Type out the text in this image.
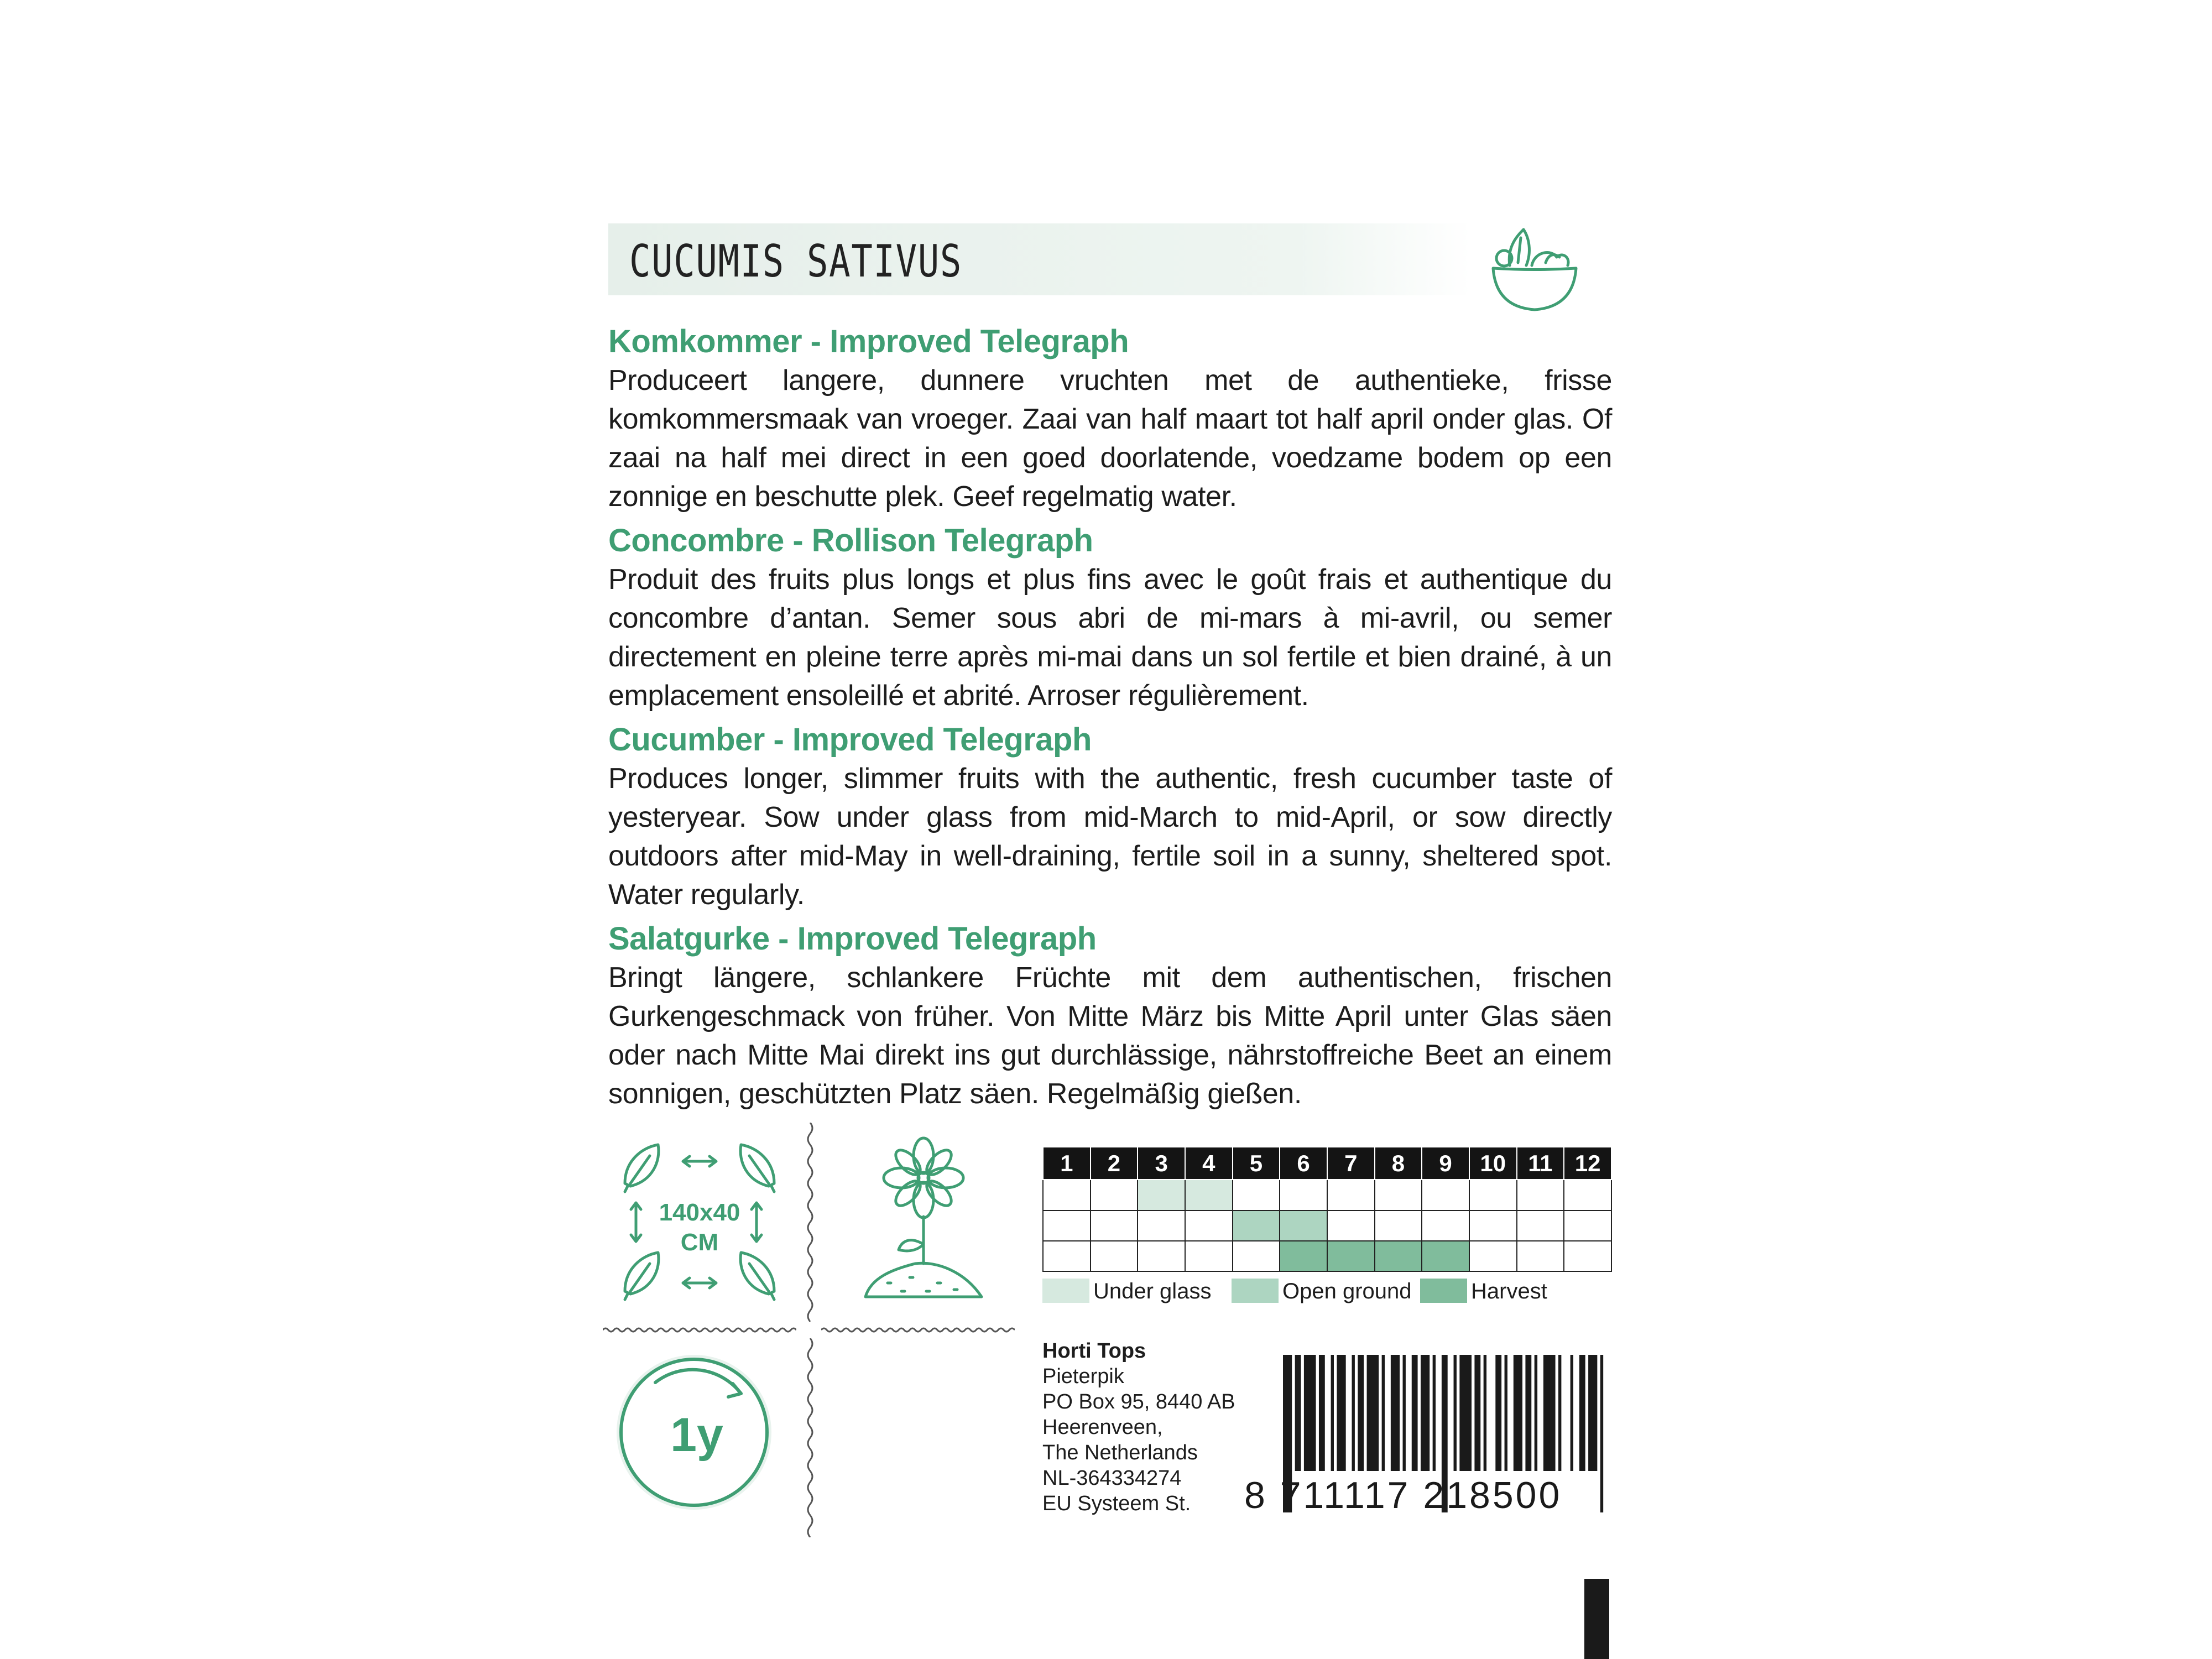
CUCUMIS SATIVUS
Komkommer - Improved Telegraph

Produceert langere, dunnere vruchten met de authentieke, frisse komkommersmaak van vroeger. Zaai van half maart tot half april onder glas. Of zaai na half mei direct in een goed doorlatende, voedzame bodem op een zonnige en beschutte plek. Geef regelmatig water.

Concombre - Rollison Telegraph

Produit des fruits plus longs et plus fins avec le goût frais et authentique du concombre d’antan. Semer sous abri de mi-mars à mi-avril, ou semer directement en pleine terre après mi-mai dans un sol fertile et bien drainé, à un emplacement ensoleillé et abrité. Arroser régulièrement.

Cucumber - Improved Telegraph

Produces longer, slimmer fruits with the authentic, fresh cucumber taste of yesteryear. Sow under glass from mid-March to mid-April, or sow directly outdoors after mid-May in well-draining, fertile soil in a sunny, sheltered spot. Water regularly.

Salatgurke - Improved Telegraph

Bringt längere, schlankere Früchte mit dem authentischen, frischen Gurkengeschmack von früher. Von Mitte März bis Mitte April unter Glas säen oder nach Mitte Mai direkt ins gut durchlässige, nährstoffreiche Beet an einem sonnigen, geschützten Platz säen. Regelmäßig gießen.

140x40
CM
1y
1	2	3	4	5	6	7	8	9	10	11	12

Under glass	Open ground	Harvest
Horti Tops
Pieterpik
PO Box 95, 8440 AB
Heerenveen,
The Netherlands
NL-364334274
EU Systeem St.	8 711117 218500
